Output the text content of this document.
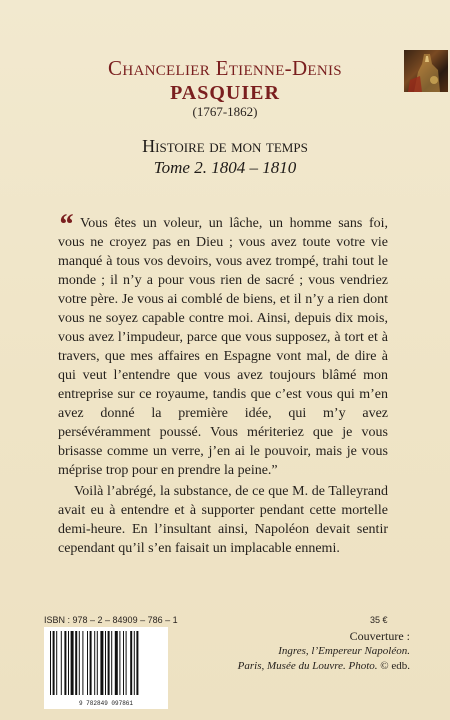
Chancelier Etienne-Denis
PASQUIER
(1767-1862)
Histoire de mon temps
Tome 2. 1804 – 1810
“ Vous êtes un voleur, un lâche, un homme sans foi, vous ne croyez pas en Dieu ; vous avez toute votre vie manqué à tous vos devoirs, vous avez trompé, trahi tout le monde ; il n’y a pour vous rien de sacré ; vous vendriez votre père. Je vous ai comblé de biens, et il n’y a rien dont vous ne soyez capable contre moi. Ainsi, depuis dix mois, vous avez l’impudeur, parce que vous supposez, à tort et à travers, que mes affaires en Espagne vont mal, de dire à qui veut l’entendre que vous avez toujours blâmé mon entreprise sur ce royaume, tandis que c’est vous qui m’en avez donné la première idée, qui m’y avez persévéramment poussé. Vous mériteriez que je vous brisasse comme un verre, j’en ai le pouvoir, mais je vous méprise trop pour en prendre la peine.”

Voilà l’abrégé, la substance, de ce que M. de Talleyrand avait eu à entendre et à supporter pendant cette mortelle demi-heure. En l’insultant ainsi, Napoléon devait sentir cependant qu’il s’en faisait un implacable ennemi.

ISBN : 978 – 2 – 84909 – 786 – 1	35 €
9 782849 097861
Couverture :
Ingres, l’Empereur Napoléon.
Paris, Musée du Louvre. Photo. © edb.
